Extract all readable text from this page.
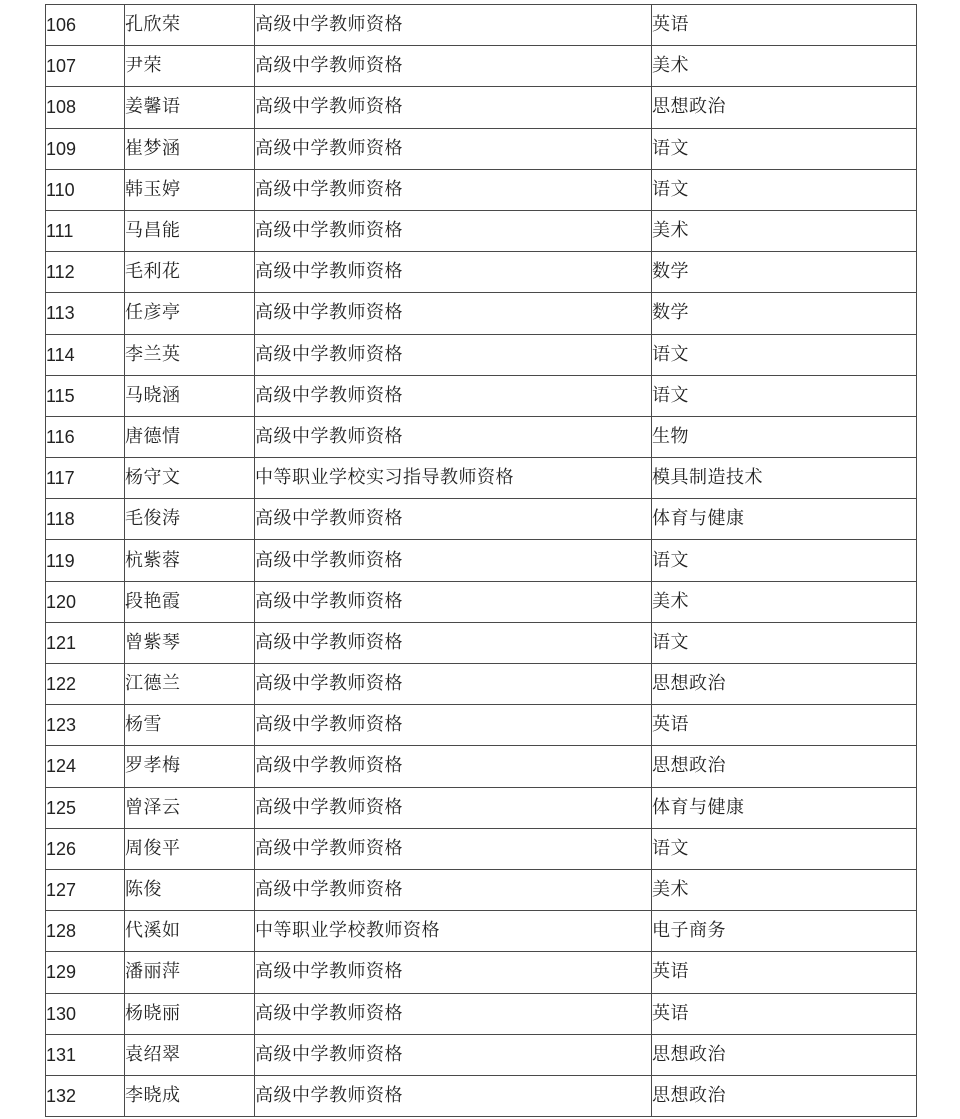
106	孔欣荣	高级中学教师资格	英语
107	尹荣	高级中学教师资格	美术
108	姜馨语	高级中学教师资格	思想政治
109	崔梦涵	高级中学教师资格	语文
110	韩玉婷	高级中学教师资格	语文
111	马昌能	高级中学教师资格	美术
112	毛利花	高级中学教师资格	数学
113	任彦亭	高级中学教师资格	数学
114	李兰英	高级中学教师资格	语文
115	马晓涵	高级中学教师资格	语文
116	唐德情	高级中学教师资格	生物
117	杨守文	中等职业学校实习指导教师资格	模具制造技术
118	毛俊涛	高级中学教师资格	体育与健康
119	杭紫蓉	高级中学教师资格	语文
120	段艳霞	高级中学教师资格	美术
121	曾紫琴	高级中学教师资格	语文
122	江德兰	高级中学教师资格	思想政治
123	杨雪	高级中学教师资格	英语
124	罗孝梅	高级中学教师资格	思想政治
125	曾泽云	高级中学教师资格	体育与健康
126	周俊平	高级中学教师资格	语文
127	陈俊	高级中学教师资格	美术
128	代溪如	中等职业学校教师资格	电子商务
129	潘丽萍	高级中学教师资格	英语
130	杨晓丽	高级中学教师资格	英语
131	袁绍翠	高级中学教师资格	思想政治
132	李晓成	高级中学教师资格	思想政治
